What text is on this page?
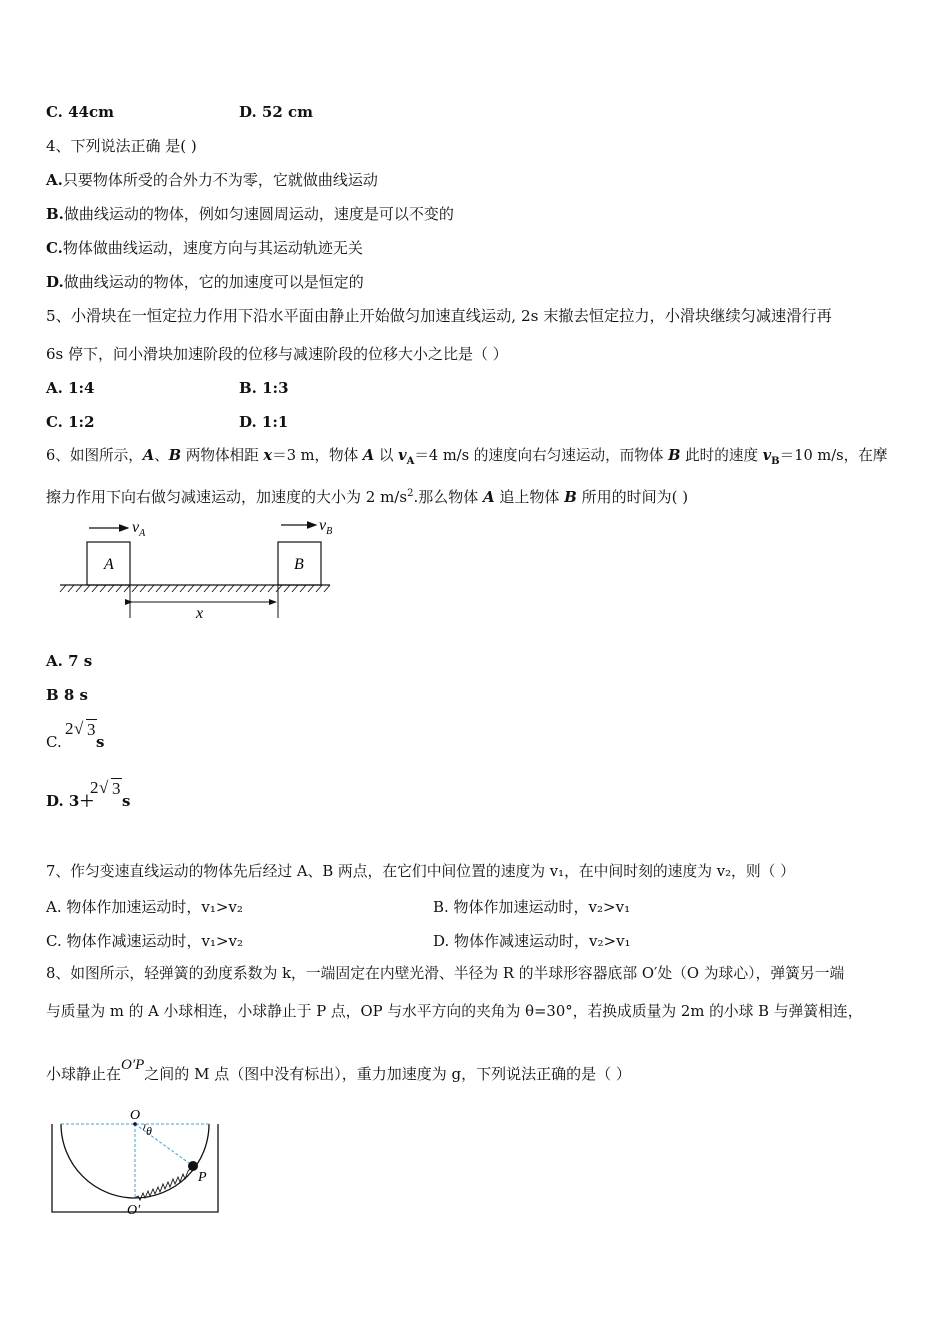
C. 44cm	D. 52 cm
4、下列说法正确 是( )
A.只要物体所受的合外力不为零，它就做曲线运动
B.做曲线运动的物体，例如匀速圆周运动，速度是可以不变的
C.物体做曲线运动，速度方向与其运动轨迹无关
D.做曲线运动的物体，它的加速度可以是恒定的
5、小滑块在一恒定拉力作用下沿水平面由静止开始做匀加速直线运动, 2s 末撤去恒定拉力，小滑块继续匀减速滑行再
6s 停下，问小滑块加速阶段的位移与减速阶段的位移大小之比是（ ）
A. 1:4	B. 1:3
C. 1:2	D. 1:1
6、如图所示，A、B 两物体相距 x＝3 m，物体 A 以 $v_A=4$ m/s 的速度向右匀速运动，而物体 B 此时的速度 $v_B=10$ m/s，在摩
擦力作用下向右做匀减速运动，加速度的大小为 2 $m/s^2$.那么物体 A 追上物体 B 所用的时间为( )
$v_A$	$v_B$
A	B
x
A. 7 s
B 8 s
C.
2 √ 3
s
D. 3＋
2 √ 3
s
7、作匀变速直线运动的物体先后经过 A、B 两点，在它们中间位置的速度为 v₁，在中间时刻的速度为 v₂，则（ ）
A. 物体作加速运动时，v₁>v₂	B. 物体作加速运动时，v₂>v₁
C. 物体作减速运动时，v₁>v₂	D. 物体作减速运动时，v₂>v₁
8、如图所示，轻弹簧的劲度系数为 k，一端固定在内壁光滑、半径为 R 的半球形容器底部 O′处（O 为球心），弹簧另一端
与质量为 m 的 A 小球相连，小球静止于 P 点，OP 与水平方向的夹角为 θ=30°，若换成质量为 2m 的小球 B 与弹簧相连，
小球静止在O′P之间的 M 点（图中没有标出），重力加速度为 g，下列说法正确的是（ ）
O
θ
P
O′
